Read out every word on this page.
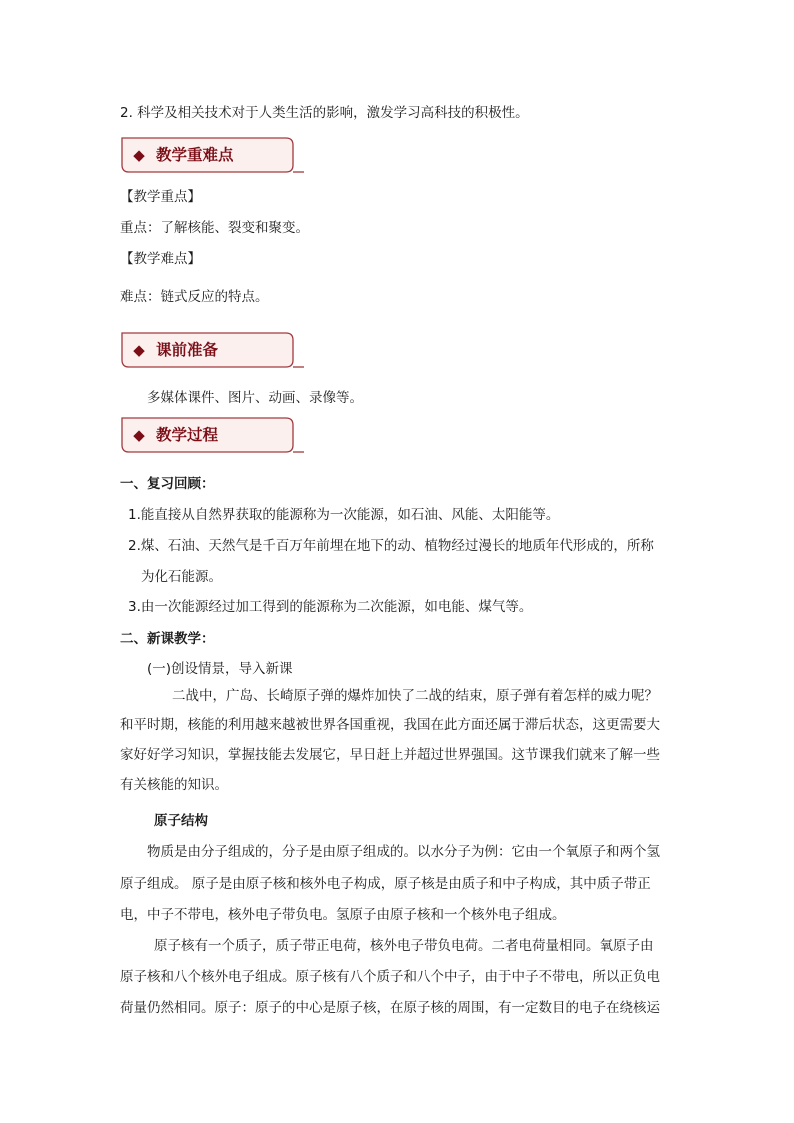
2. 科学及相关技术对于人类生活的影响，激发学习高科技的积极性。
◆ 教学重难点
【教学重点】
重点：了解核能、裂变和聚变。
【教学难点】
难点：链式反应的特点。
◆ 课前准备
多媒体课件、图片、动画、录像等。
◆ 教学过程
一、复习回顾：
1.能直接从自然界获取的能源称为一次能源，如石油、风能、太阳能等。
2.煤、石油、天然气是千百万年前埋在地下的动、植物经过漫长的地质年代形成的，所称
为化石能源。
3.由一次能源经过加工得到的能源称为二次能源，如电能、煤气等。
二、新课教学：
(一)创设情景，导入新课
二战中，广岛、长崎原子弹的爆炸加快了二战的结束，原子弹有着怎样的威力呢？
和平时期，核能的利用越来越被世界各国重视，我国在此方面还属于滞后状态，这更需要大
家好好学习知识，掌握技能去发展它，早日赶上并超过世界强国。这节课我们就来了解一些
有关核能的知识。
原子结构
物质是由分子组成的，分子是由原子组成的。以水分子为例：它由一个氧原子和两个氢
原子组成。 原子是由原子核和核外电子构成，原子核是由质子和中子构成，其中质子带正
电，中子不带电，核外电子带负电。氢原子由原子核和一个核外电子组成。
原子核有一个质子，质子带正电荷，核外电子带负电荷。二者电荷量相同。氧原子由
原子核和八个核外电子组成。原子核有八个质子和八个中子，由于中子不带电，所以正负电
荷量仍然相同。原子：原子的中心是原子核，在原子核的周围，有一定数目的电子在绕核运
